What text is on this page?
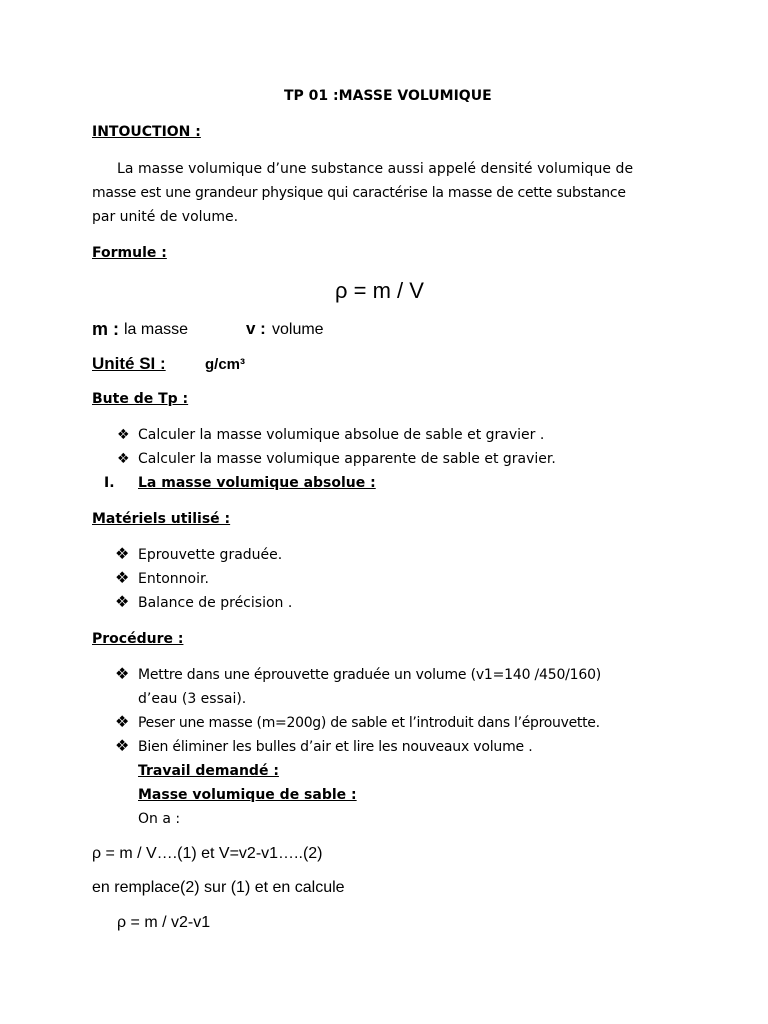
TP 01 :MASSE VOLUMIQUE
INTOUCTION :
La masse volumique d’une substance aussi appelé densité volumique de
masse est une grandeur physique qui caractérise la masse de cette substance
par unité de volume.
Formule :
ρ = m / V
m : la masse	v : volume
Unité SI :	g/cm³
Bute de Tp :
❖ Calculer la masse volumique absolue de sable et gravier .
❖ Calculer la masse volumique apparente de sable et gravier.
I. La masse volumique absolue :
Matériels utilisé :
❖ Eprouvette graduée.
❖ Entonnoir.
❖ Balance de précision .
Procédure :
❖ Mettre dans une éprouvette graduée un volume (v1=140 /450/160)
d’eau (3 essai).
❖ Peser une masse (m=200g) de sable et l’introduit dans l’éprouvette.
❖ Bien éliminer les bulles d’air et lire les nouveaux volume .
Travail demandé :
Masse volumique de sable :
On a :
ρ = m / V….(1) et V=v2-v1…..(2)
en remplace(2) sur (1) et en calcule
ρ = m / v2-v1
